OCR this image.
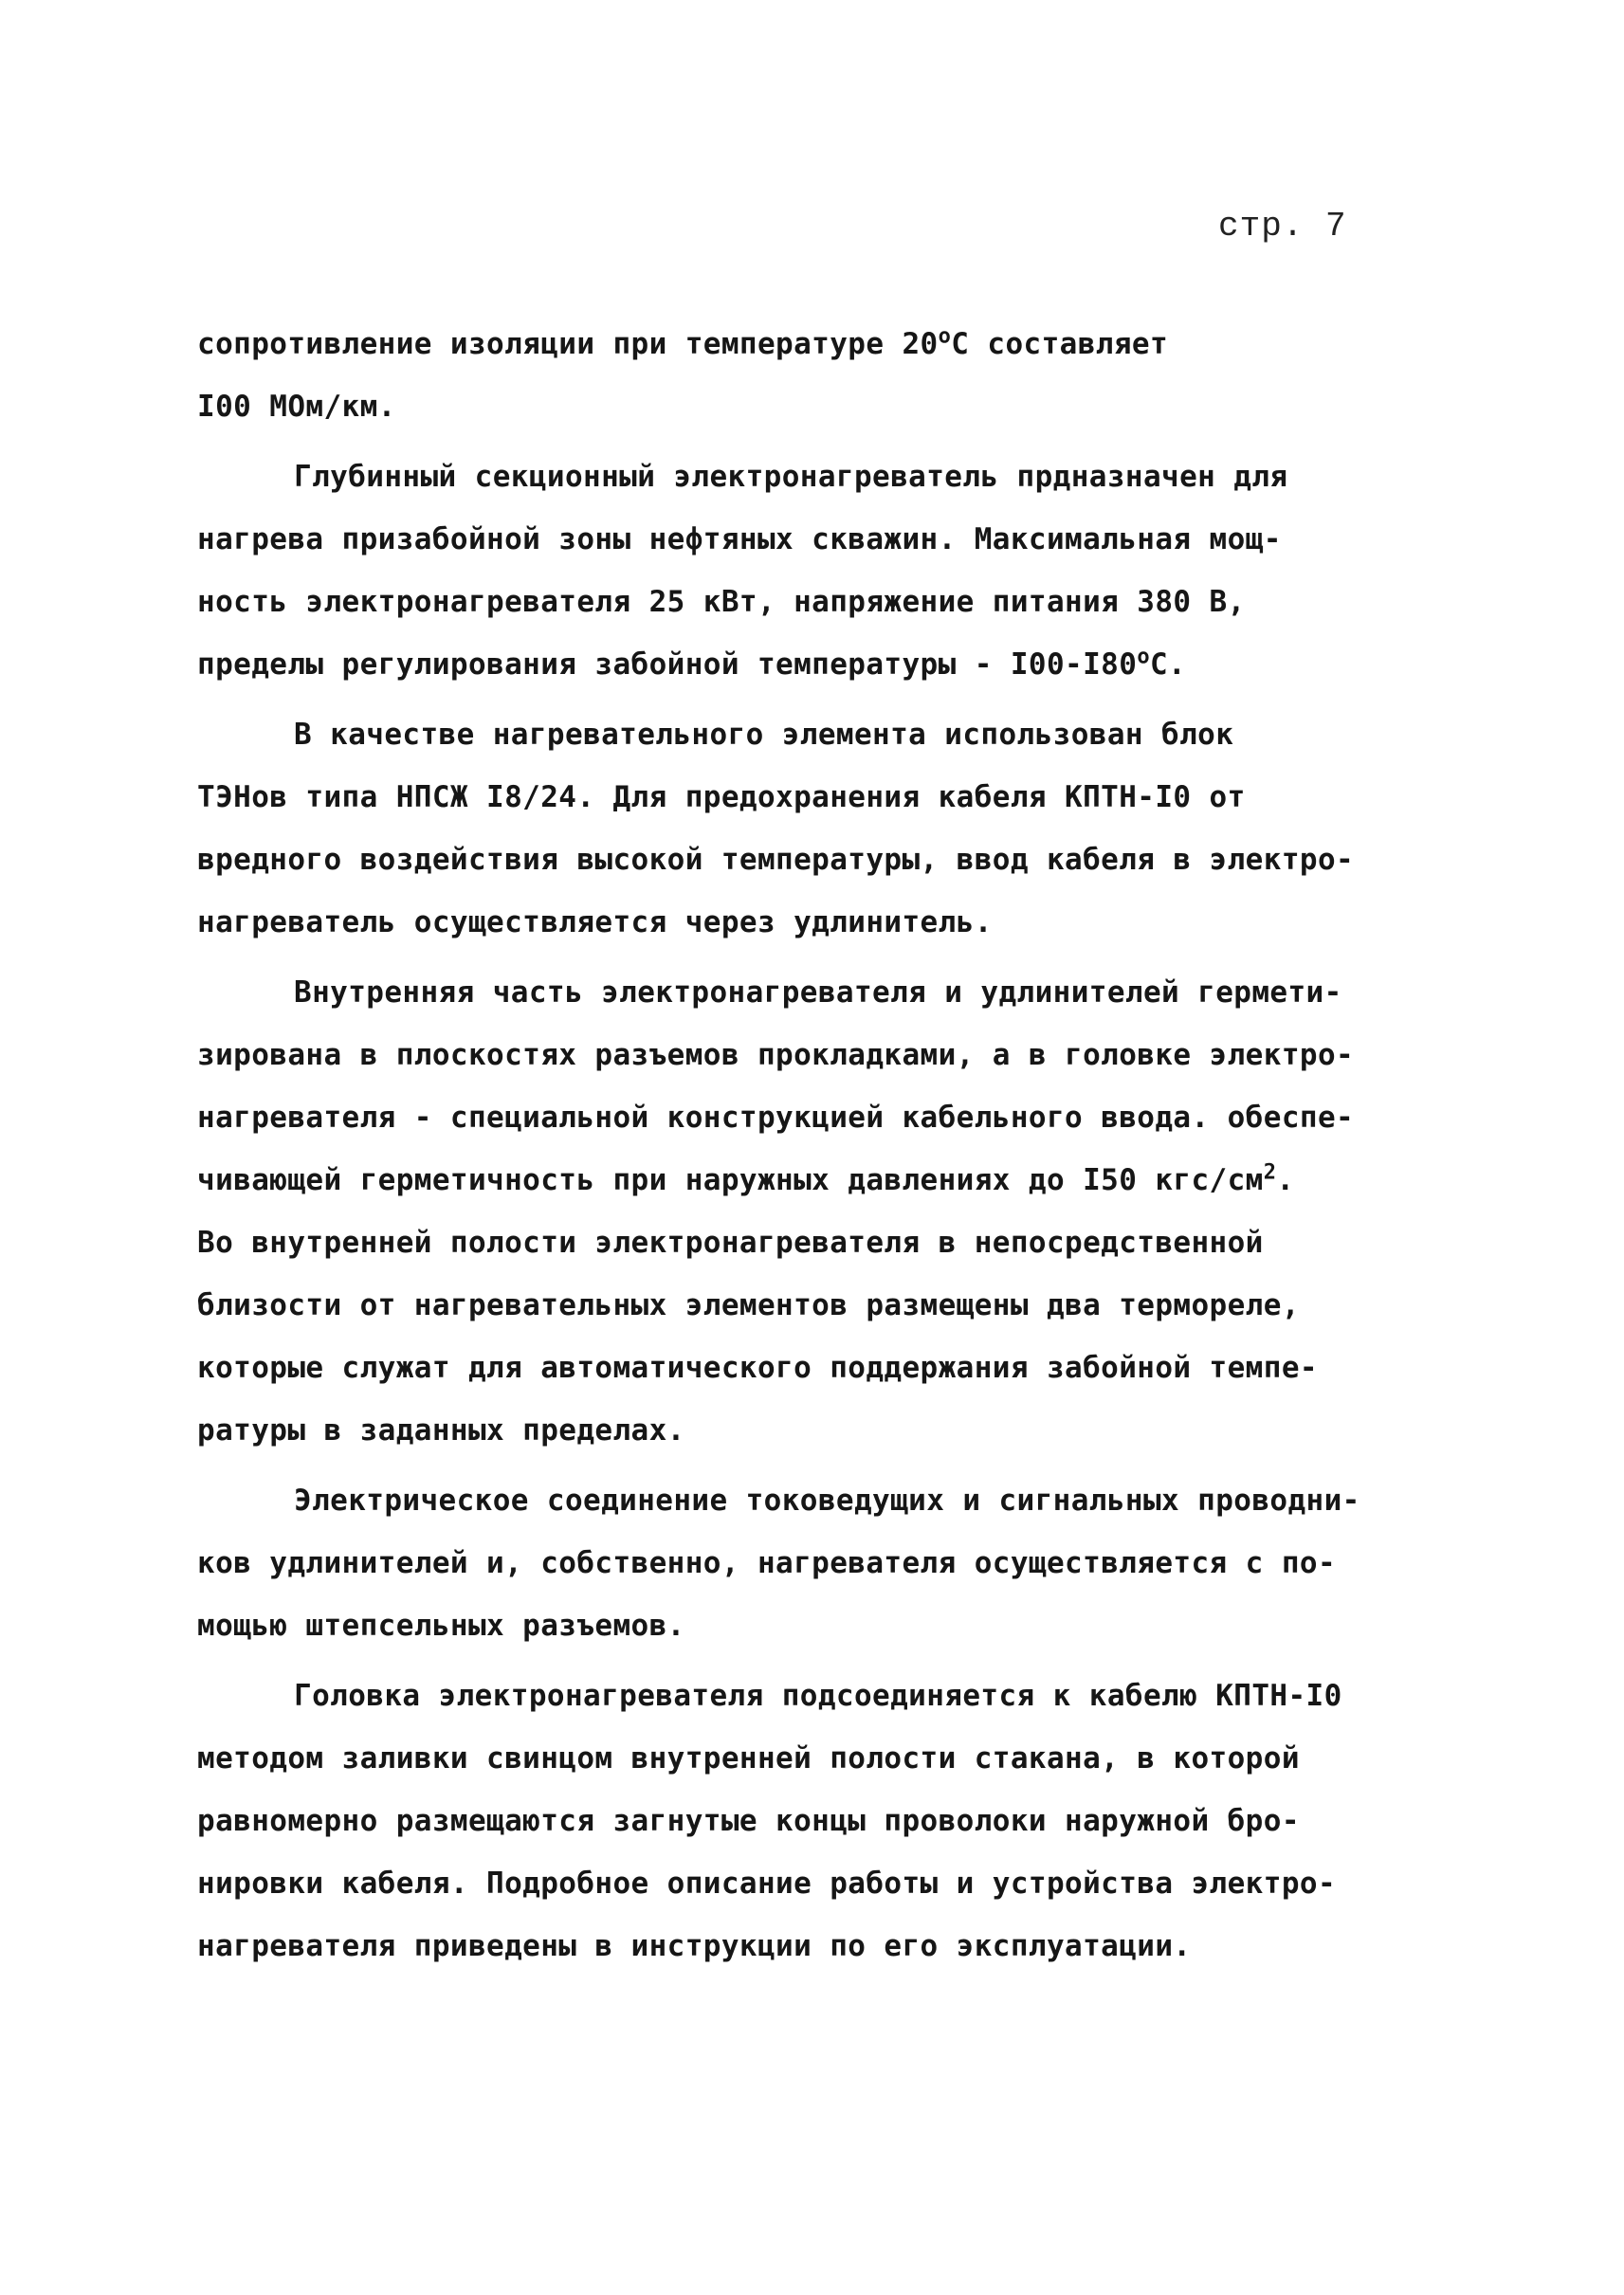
стр. 7
сопротивление изоляции при температуре $20^оС$ составляет
I00 МОм/км.
Глубинный секционный электронагреватель прдназначен для
нагрева призабойной зоны нефтяных скважин. Максимальная мощ-
ность электронагревателя 25 кВт, напряжение питания 380 В,
пределы регулирования забойной температуры - $I00-I80^оС$.
В качестве нагревательного элемента использован блок
ТЭНов типа НПСЖ I8/24. Для предохранения кабеля КПТН-I0 от
вредного воздействия высокой температуры, ввод кабеля в электро-
нагреватель осуществляется через удлинитель.
Внутренняя часть электронагревателя и удлинителей гермети-
зирована в плоскостях разъемов прокладками, а в головке электро-
нагревателя - специальной конструкцией кабельного ввода. обеспе-
чивающей герметичность при наружных давлениях до I50 кгс/$см^2$.
Во внутренней полости электронагревателя в непосредственной
близости от нагревательных элементов размещены два термореле,
которые служат для автоматического поддержания забойной темпе-
ратуры в заданных пределах.
Электрическое соединение токоведущих и сигнальных проводни-
ков удлинителей и, собственно, нагревателя осуществляется с по-
мощью штепсельных разъемов.
Головка электронагревателя подсоединяется к кабелю КПТН-I0
методом заливки свинцом внутренней полости стакана, в которой
равномерно размещаются загнутые концы проволоки наружной бро-
нировки кабеля. Подробное описание работы и устройства электро-
нагревателя приведены в инструкции по его эксплуатации.
